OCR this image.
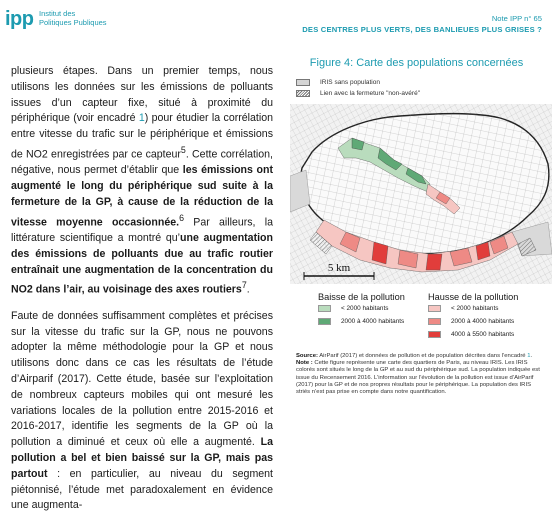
ipp Institut des
Politiques Publiques	Note IPP n° 65
DES CENTRES PLUS VERTS, DES BANLIEUES PLUS GRISES ?

plusieurs étapes. Dans un premier temps, nous utilisons les données sur les émissions de polluants issues d’un capteur fixe, situé à proximité du périphérique (voir encadré 1) pour étudier la corrélation entre vitesse du trafic sur le périphérique et émissions de NO2 enregistrées par ce capteur$^5$. Cette corrélation, négative, nous permet d’établir que les émissions ont augmenté le long du périphérique sud suite à la fermeture de la GP, à cause de la réduction de la vitesse moyenne occasionnée.$^6$ Par ailleurs, la littérature scientifique a montré qu’une augmentation des émissions de polluants due au trafic routier entraînait une augmentation de la concentration du NO2 dans l’air, au voisinage des axes routiers$^7$.

Faute de données suffisamment complètes et précises sur la vitesse du trafic sur la GP, nous ne pouvons adopter la même méthodologie pour la GP et nous utilisons donc dans ce cas les résultats de l’étude d’Airparif (2017). Cette étude, basée sur l’exploitation de nombreux capteurs mobiles qui ont mesuré les variations locales de la pollution entre 2015-2016 et 2016-2017, identifie les segments de la GP où la pollution a diminué et ceux où elle a augmenté. La pollution a bel et bien baissé sur la GP, mais pas partout : en particulier, au niveau du segment piétonnisé, l’étude met paradoxalement en évidence une augmenta-

Figure 4: Carte des populations concernées
IRIS sans population
Lien avec la fermeture "non-avéré"
5 km
Baisse de la pollution
< 2000 habitants
2000 à 4000 habitants
Hausse de la pollution
< 2000 habitants
2000 à 4000 habitants
4000 à 5500 habitants
Source: AirParif (2017) et données de pollution et de population décrites dans l’encadré 1.
Note : Cette figure représente une carte des quartiers de Paris, au niveau IRIS. Les IRIS colorés sont situés le long de la GP et au sud du périphérique sud. La population indiquée est issue du Recensement 2016. L’information sur l’évolution de la pollution est issue d’AirParif (2017) pour la GP et de nos propres résultats pour le périphérique. La population des IRIS striés n’est pas prise en compte dans notre quantification.
